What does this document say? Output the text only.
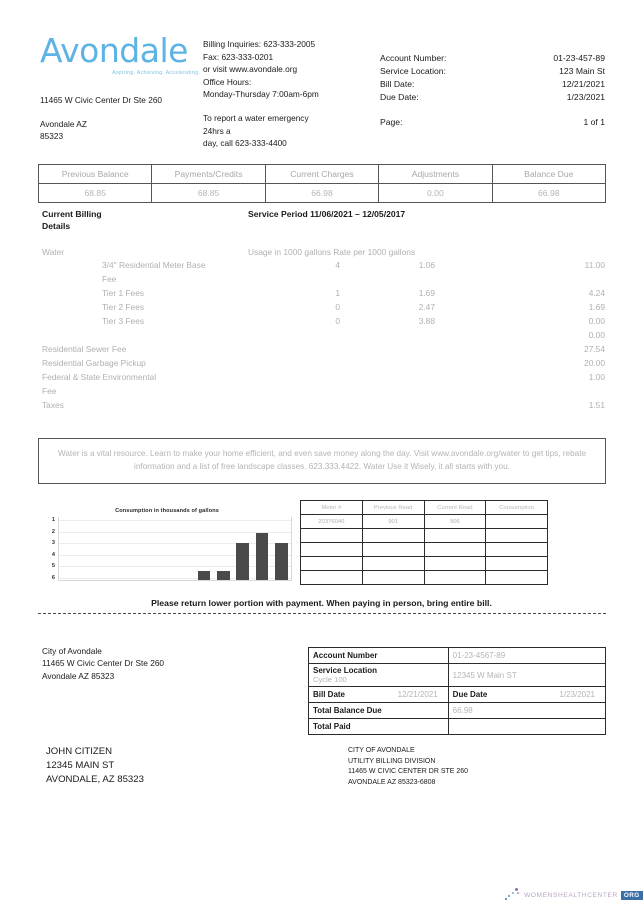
Avondale
Aspiring. Achieving. Accelerating.
11465 W Civic Center Dr Ste 260
Avondale AZ
85323
Billing Inquiries: 623-333-2005
Fax: 623-333-0201
or visit www.avondale.org
Office Hours:
Monday-Thursday 7:00am-6pm
To report a water emergency
24hrs a
day, call 623-333-4400
Account Number:	01-23-457-89
Service Location:	123 Main St
Bill Date:	12/21/2021
Due Date:	1/23/2021
Page:	1 of 1
Previous Balance	Payments/Credits	Current Charges	Adjustments	Balance Due
68.85	68.85	66.98	0.00	66.98
Current Billing
Details
Service Period 11/06/2021 – 12/05/2017
Water	Usage in 1000 gallons Rate per 1000 gallons
3/4" Residential Meter Base	4	1.06	11.00
Fee
Tier 1 Fees	1	1.69	4.24
Tier 2 Fees	0	2.47	1.69
Tier 3 Fees	0	3.88	0.00
0.00
Residential Sewer Fee	27.54
Residential Garbage Pickup	20.00
Federal & State Environmental	1.00
Fee
Taxes	1.51

Water is a vital resource. Learn to make your home efficient, and even save money along the day. Visit www.avondale.org/water to get tips, rebate information and a list of free landscape classes. 623.333.4422. Water Use it Wisely, it all starts with you.

Consumption in thousands of gallons
1
2
3
4
5
6
Meter #	Previous Read	Current Read	Consumption
20376046	901	906	

Please return lower portion with payment. When paying in person, bring entire bill.
City of Avondale
11465 W Civic Center Dr Ste 260
Avondale AZ 85323
Account Number	01-23-4567-89
Service Location
Cycle 100	12345 W Main ST
Bill Date 12/21/2021	Due Date 1/23/2021

Total Balance Due	66.98
Total Paid	
JOHN CITIZEN
12345 MAIN ST
AVONDALE, AZ 85323
CITY OF AVONDALE
UTILITY BILLING DIVISION
11465 W CIVIC CENTER DR STE 260
AVONDALE AZ 85323-6808
WOMENSHEALTHCENTER ORG
